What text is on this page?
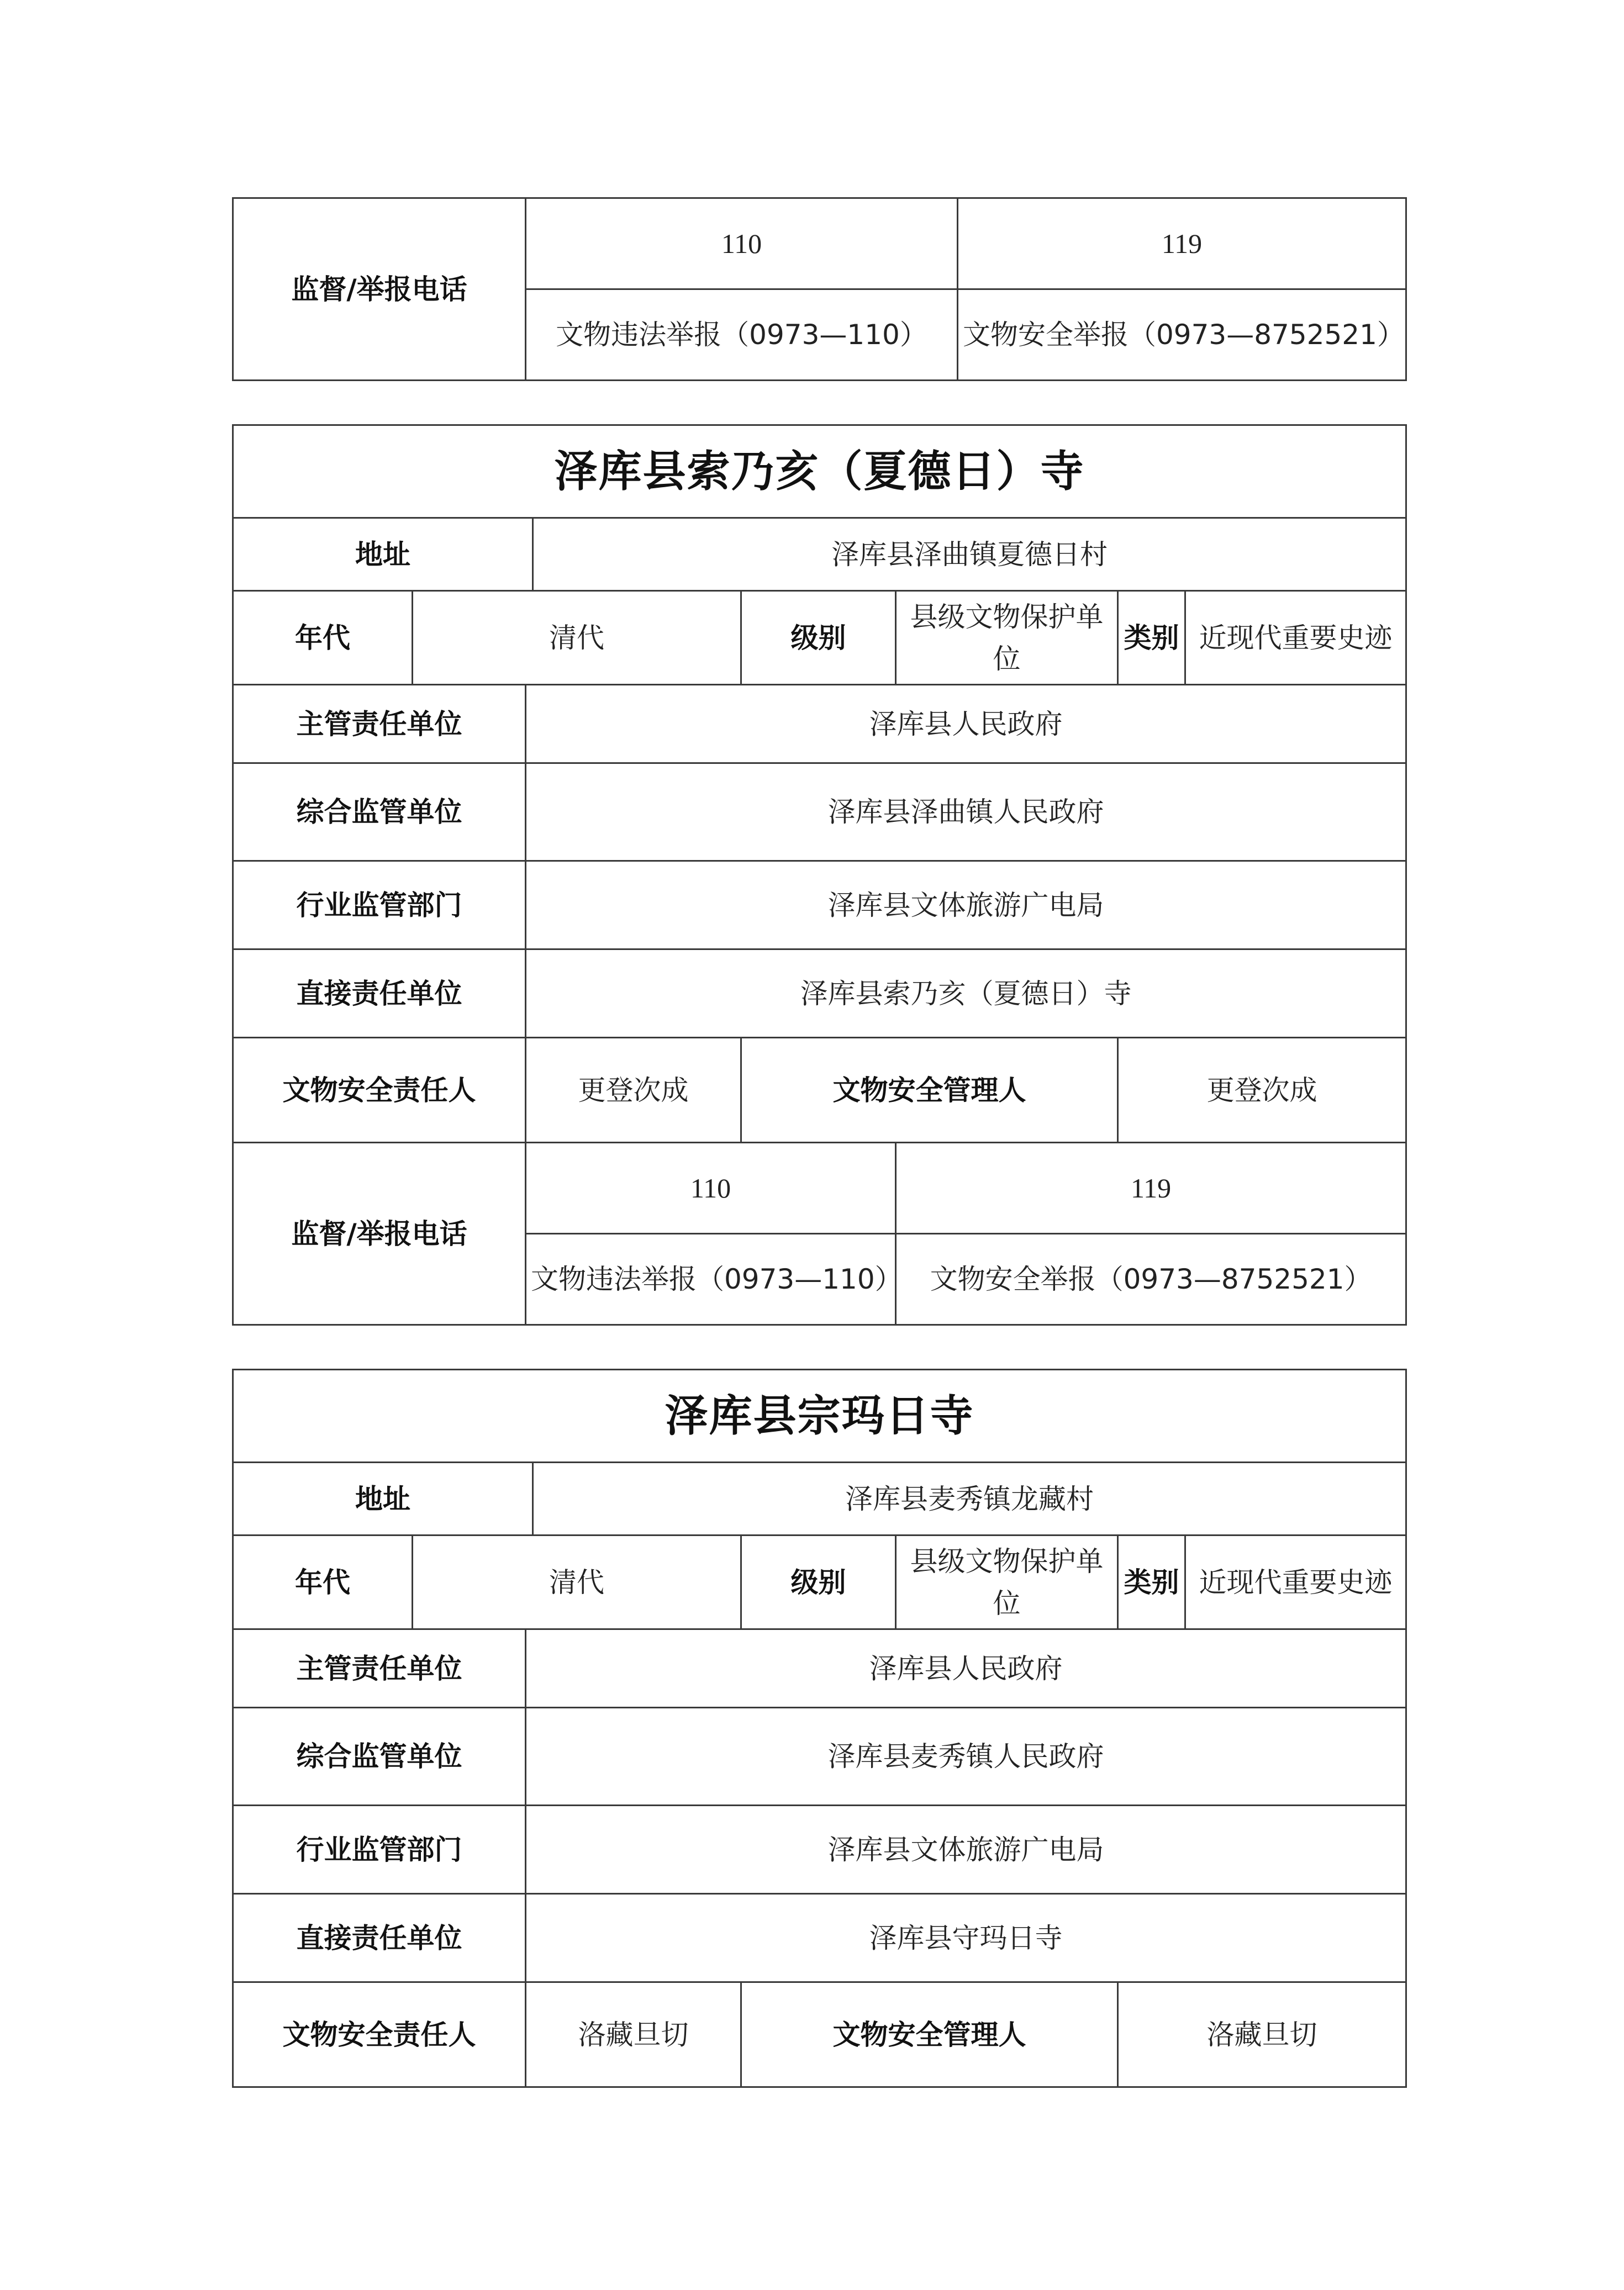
监督/举报电话	110	119
	文物违法举报（0973—110）	文物安全举报（0973—8752521）
泽库县索乃亥（夏德日）寺							
地址			泽库县泽曲镇夏德日村				
年代	清代			级别	县级文物保护单位	类别	近现代重要史迹
主管责任单位		泽库县人民政府					
综合监管单位		泽库县泽曲镇人民政府					
行业监管部门		泽库县文体旅游广电局					
直接责任单位		泽库县索乃亥（夏德日）寺					
文物安全责任人		更登次成		文物安全管理人		更登次成	
监督/举报电话		110			119		
		文物违法举报（0973—110）			文物安全举报（0973—8752521）		
泽库县宗玛日寺							
地址			泽库县麦秀镇龙藏村				
年代	清代			级别	县级文物保护单位	类别	近现代重要史迹
主管责任单位		泽库县人民政府					
综合监管单位		泽库县麦秀镇人民政府					
行业监管部门		泽库县文体旅游广电局					
直接责任单位		泽库县守玛日寺					
文物安全责任人		洛藏旦切		文物安全管理人		洛藏旦切	
